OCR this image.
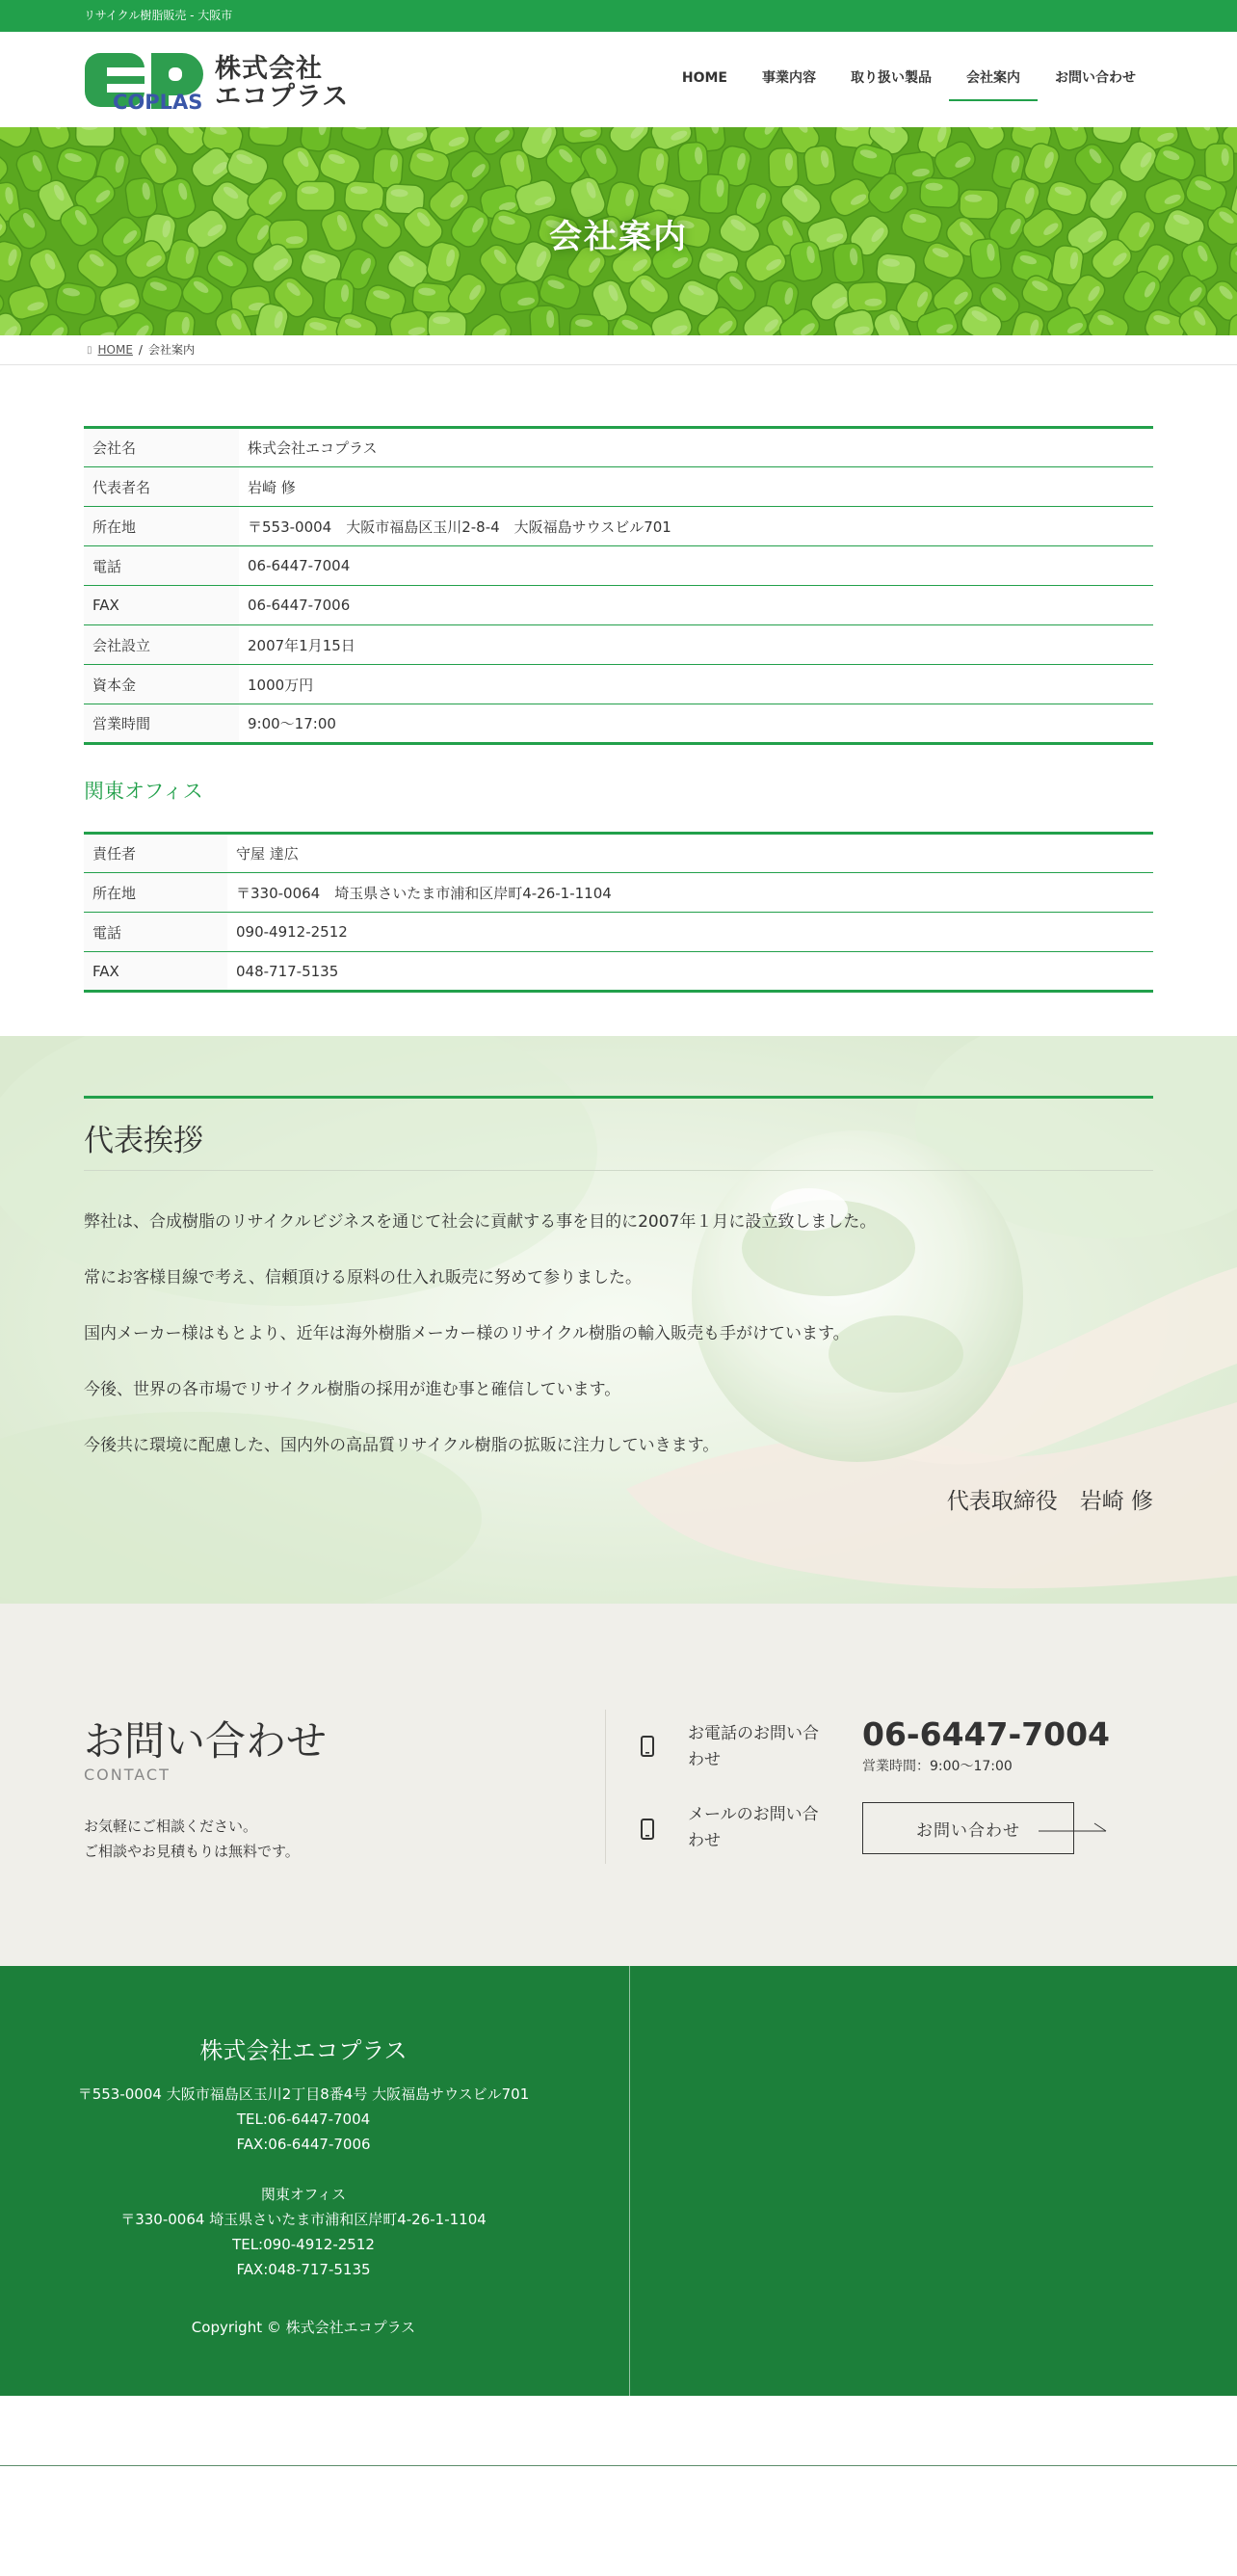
リサイクル樹脂販売 - 大阪市
COPLAS
株式会社
エコプラス
HOME	事業内容	取り扱い製品	会社案内	お問い合わせ
会社案内
▯ HOME / 会社案内
会社名	株式会社エコプラス
代表者名	岩崎 修
所在地	〒553-0004　大阪市福島区玉川2-8-4　大阪福島サウスビル701
電話	06-6447-7004
FAX	06-6447-7006
会社設立	2007年1月15日
資本金	1000万円
営業時間	9:00〜17:00
関東オフィス
責任者	守屋 達広
所在地	〒330-0064　埼玉県さいたま市浦和区岸町4-26-1-1104
電話	090-4912-2512
FAX	048-717-5135
代表挨拶

弊社は、合成樹脂のリサイクルビジネスを通じて社会に貢献する事を目的に2007年１月に設立致しました。

常にお客様目線で考え、信頼頂ける原料の仕入れ販売に努めて参りました。

国内メーカー様はもとより、近年は海外樹脂メーカー様のリサイクル樹脂の輸入販売も手がけています。

今後、世界の各市場でリサイクル樹脂の採用が進む事と確信しています。

今後共に環境に配慮した、国内外の高品質リサイクル樹脂の拡販に注力していきます。

代表取締役　岩崎 修
お問い合わせ
CONTACT
お気軽にご相談ください。
ご相談やお見積もりは無料です。
お電話のお問い合わせ
06-6447-7004
営業時間：9:00〜17:00
メールのお問い合わせ
お問い合わせ
株式会社エコプラス
〒553-0004 大阪市福島区玉川2丁目8番4号 大阪福島サウスビル701
TEL:06-6447-7004
FAX:06-6447-7006
関東オフィス
〒330-0064 埼玉県さいたま市浦和区岸町4-26-1-1104
TEL:090-4912-2512
FAX:048-717-5135
Copyright © 株式会社エコプラス
